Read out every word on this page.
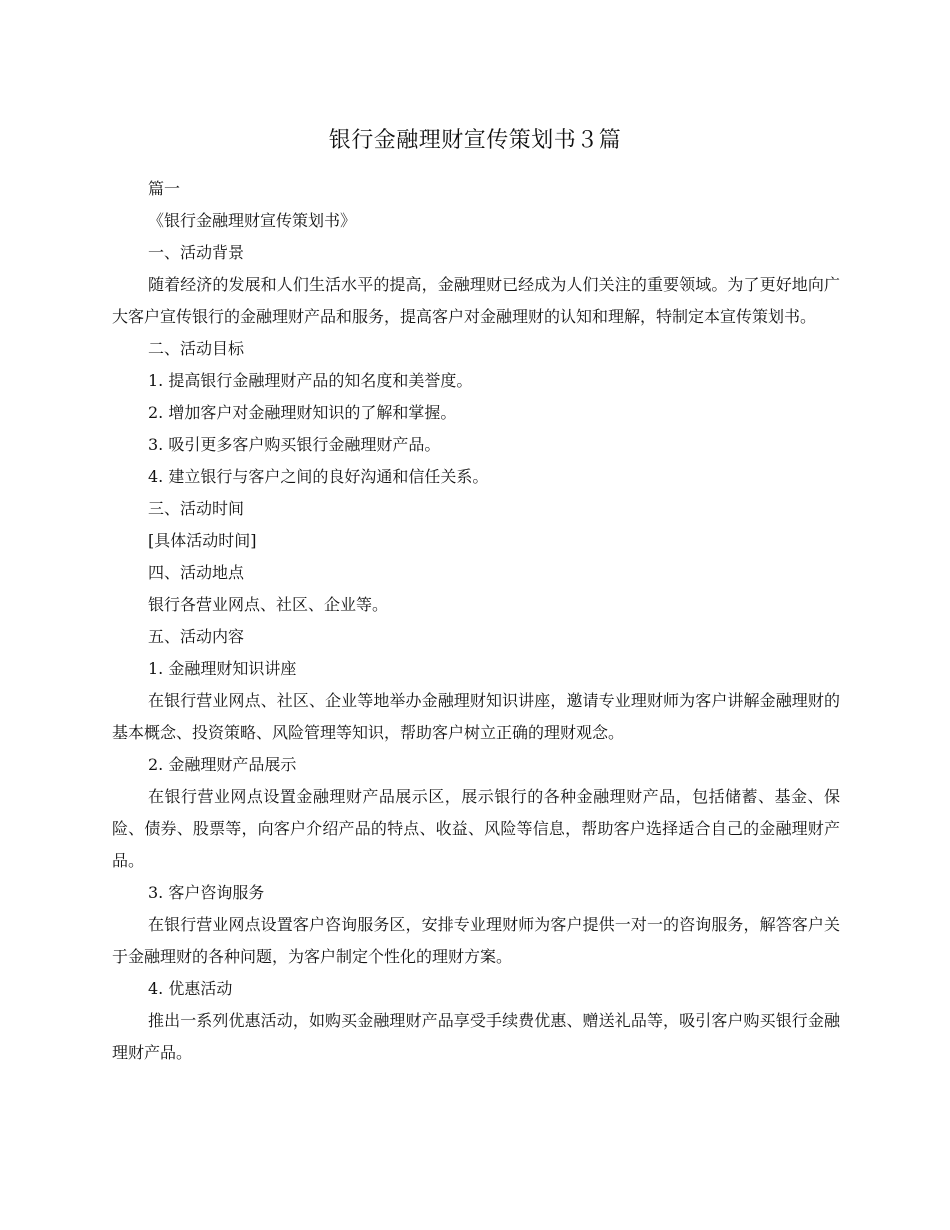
银行金融理财宣传策划书３篇

篇一

《银行金融理财宣传策划书》

一、活动背景

随着经济的发展和人们生活水平的提高，金融理财已经成为人们关注的重要领域。为了更好地向广大客户宣传银行的金融理财产品和服务，提高客户对金融理财的认知和理解，特制定本宣传策划书。

二、活动目标

1. 提高银行金融理财产品的知名度和美誉度。

2. 增加客户对金融理财知识的了解和掌握。

3. 吸引更多客户购买银行金融理财产品。

4. 建立银行与客户之间的良好沟通和信任关系。

三、活动时间

[具体活动时间]

四、活动地点

银行各营业网点、社区、企业等。

五、活动内容

1. 金融理财知识讲座

在银行营业网点、社区、企业等地举办金融理财知识讲座，邀请专业理财师为客户讲解金融理财的基本概念、投资策略、风险管理等知识，帮助客户树立正确的理财观念。

2. 金融理财产品展示

在银行营业网点设置金融理财产品展示区，展示银行的各种金融理财产品，包括储蓄、基金、保险、债券、股票等，向客户介绍产品的特点、收益、风险等信息，帮助客户选择适合自己的金融理财产品。

3. 客户咨询服务

在银行营业网点设置客户咨询服务区，安排专业理财师为客户提供一对一的咨询服务，解答客户关于金融理财的各种问题，为客户制定个性化的理财方案。

4. 优惠活动

推出一系列优惠活动，如购买金融理财产品享受手续费优惠、赠送礼品等，吸引客户购买银行金融理财产品。
